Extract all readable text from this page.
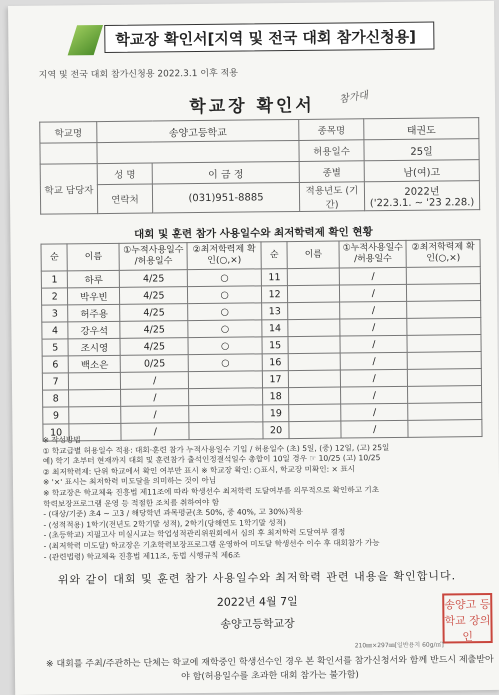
학교장 확인서[지역 및 전국 대회 참가신청용]
지역 및 전국 대회 참가신청용 2022.3.1 이후 적용
학교장 확인서	참가대
학교명	송양고등학교		종목명	태권도
			허용일수	25일
학교 담당자	성 명	이 금 정	종별	남(여)고
	연락처	(031)951-8885	적용년도 (기간)	2022년
('22.3.1. ~ '23 2.28.)
대회 및 훈련 참가 사용일수와 최저학력제 확인 현황
순	이름	①누적사용일수 /허용일수	②최저학력제 확인(○,×)	순	이름	①누적사용일수 /허용일수	②최저학력제 확인(○,×)
1	하루	4/25	○	11		/	
2	박우빈	4/25	○	12		/	
3	허주용	4/25	○	13		/	
4	강우석	4/25	○	14		/	
5	조시영	4/25	○	15		/	
6	백소은	0/25	○	16		/	
7		/		17		/	
8		/		18		/	
9		/		19		/	
10		/		20		/	
※ 작성방법
① 학교급별 허용일수 적용: 대회·훈련 참가 누적사용일수 기입 / 허용일수 (초) 5일, (중) 12일, (고) 25일
예) 학기 초부터 현재까지 대회 및 훈련참가 출석인정결석일수 총합이 10일 경우 ☞ 10/25 (고) 10/25
② 최저학력제: 단위 학교에서 확인 여부만 표시 ※ 학교장 확인: ○표시, 학교장 미확인: × 표시
※ '×' 표시는 최저학력 미도달을 의미하는 것이 아님
※ 학교장은 학교체육 진흥법 제11조에 따라 학생선수 최저학력 도달여부를 의무적으로 확인하고 기초
학력보장프로그램 운영 등 적절한 조치를 취하여야 함
- (대상/기준) 초4 ~ 고3 / 해당학년 과목평균(초 50%, 중 40%, 고 30%)적용
- (성적적용) 1학기(전년도 2학기말 성적), 2학기(당해연도 1학기말 성적)
- (초등학교) 지필고사 미실시교는 학업성적관리위원회에서 심의 후 최저학력 도달여부 결정
- (최저학력 미도달) 학교장은 기초학력보장프로그램 운영하여 미도달 학생선수 이수 후 대회참가 가능
- (관련법령) 학교체육 진흥법 제11조, 동법 시행규칙 제6조
위와 같이 대회 및 훈련 참가 사용일수와 최저학력 관련 내용을 확인합니다.
2022년 4월 7일
송양고등학교장
송양고 등학교 장의인
210㎜×297㎜[일반용지 60g/㎡]
※ 대회를 주최/주관하는 단체는 학교에 재학중인 학생선수인 경우 본 확인서를 참가신청서와 함께 반드시 제출받아야 함(허용일수를 초과한 대회 참가는 불가함)
